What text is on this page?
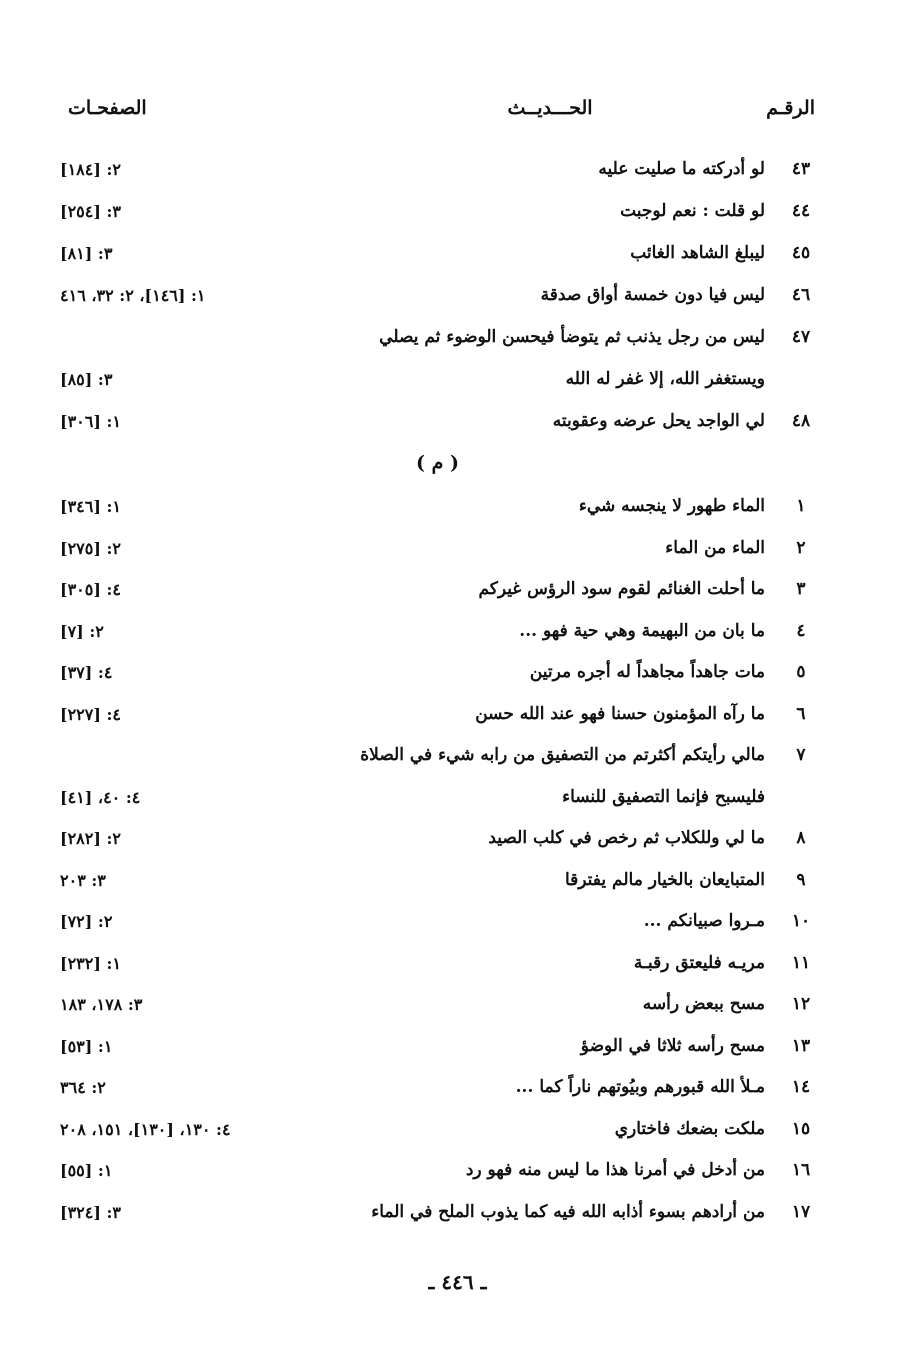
الرقـم
الحـــديــث
الصفحـات
٤٣
لو أدركته ما صليت عليه
٢: [١٨٤]
٤٤
لو قلت : نعم لوجبت
٣: [٢٥٤]
٤٥
ليبلغ الشاهد الغائب
٣: [٨١]
٤٦
ليس فيا دون خمسة أواق صدقة
١: [١٤٦]، ٢: ٣٢، ٤١٦
٤٧
ليس من رجل يذنب ثم يتوضأ فيحسن الوضوء ثم يصلي
ويستغفر الله، إلا غفر له الله
٣: [٨٥]
٤٨
لي الواجد يحل عرضه وعقوبته
١: [٣٠٦]
( م )
١
الماء طهور لا ينجسه شيء
١: [٣٤٦]
٢
الماء من الماء
٢: [٢٧٥]
٣
ما أحلت الغنائم لقوم سود الرؤس غيركم
٤: [٣٠٥]
٤
ما بان من البهيمة وهي حية فهو ...
٢: [٧]
٥
مات جاهداً مجاهداً له أجره مرتين
٤: [٣٧]
٦
ما رآه المؤمنون حسنا فهو عند الله حسن
٤: [٢٢٧]
٧
مالي رأيتكم أكثرتم من التصفيق من رابه شيء في الصلاة
فليسبح فإنما التصفيق للنساء
٤: ٤٠، [٤١]
٨
ما لي وللكلاب ثم رخص في كلب الصيد
٢: [٢٨٢]
٩
المتبايعان بالخيار مالم يفترقا
٣: ٢٠٣
١٠
مـروا صبيانكم ...
٢: [٧٢]
١١
مريـه فليعتق رقبـة
١: [٢٣٢]
١٢
مسح ببعض رأسه
٣: ١٧٨، ١٨٣
١٣
مسح رأسه ثلاثا في الوضؤ
١: [٥٣]
١٤
مـلأ الله قبورهم وبيُوتهم ناراً كما ...
٢: ٣٦٤
١٥
ملكت بضعك فاختاري
٤: ١٣٠، [١٣٠]، ١٥١، ٢٠٨
١٦
من أدخل في أمرنا هذا ما ليس منه فهو رد
١: [٥٥]
١٧
من أرادهم بسوء أذابه الله فيه كما يذوب الملح في الماء
٣: [٣٢٤]
ـ ٤٤٦ ـ
